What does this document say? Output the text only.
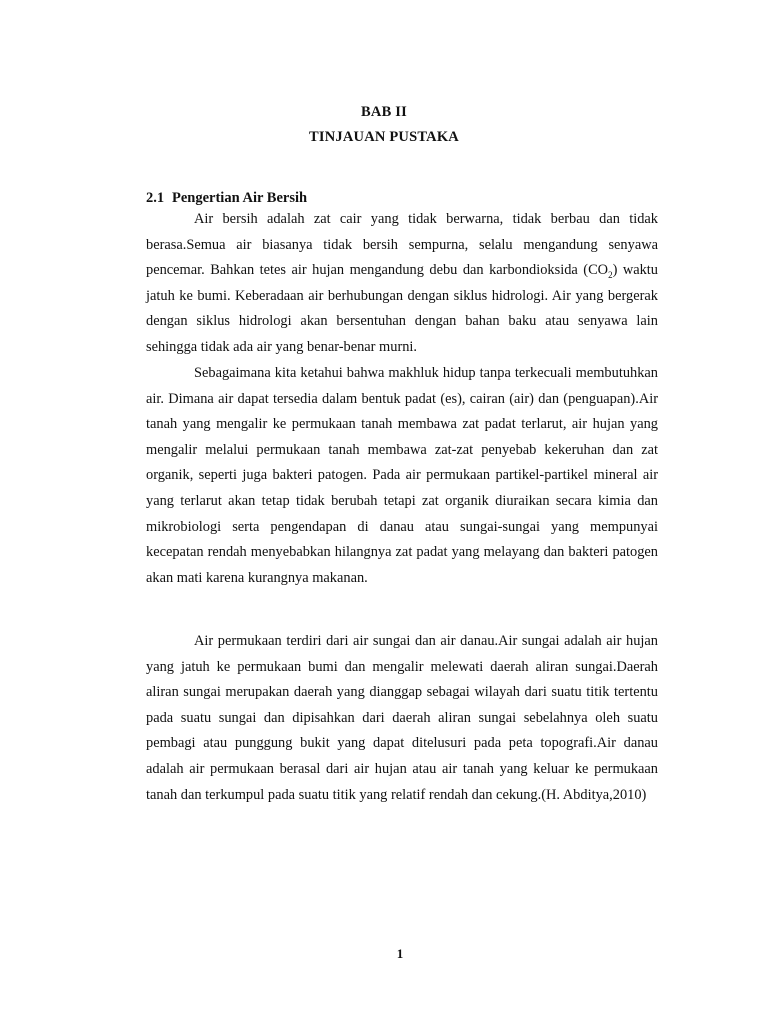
BAB II
TINJAUAN PUSTAKA
2.1 Pengertian Air Bersih

Air bersih adalah zat cair yang tidak berwarna, tidak berbau dan tidak berasa.Semua air biasanya tidak bersih sempurna, selalu mengandung senyawa pencemar. Bahkan tetes air hujan mengandung debu dan karbondioksida $(CO_2)$ waktu jatuh ke bumi. Keberadaan air berhubungan dengan siklus hidrologi. Air yang bergerak dengan siklus hidrologi akan bersentuhan dengan bahan baku atau senyawa lain sehingga tidak ada air yang benar-benar murni.

Sebagaimana kita ketahui bahwa makhluk hidup tanpa terkecuali membutuhkan air. Dimana air dapat tersedia dalam bentuk padat (es), cairan (air) dan (penguapan).Air tanah yang mengalir ke permukaan tanah membawa zat padat terlarut, air hujan yang mengalir melalui permukaan tanah membawa zat-zat penyebab kekeruhan dan zat organik, seperti juga bakteri patogen. Pada air permukaan partikel-partikel mineral air yang terlarut akan tetap tidak berubah tetapi zat organik diuraikan secara kimia dan mikrobiologi serta pengendapan di danau atau sungai-sungai yang mempunyai kecepatan rendah menyebabkan hilangnya zat padat yang melayang dan bakteri patogen akan mati karena kurangnya makanan.

Air permukaan terdiri dari air sungai dan air danau.Air sungai adalah air hujan yang jatuh ke permukaan bumi dan mengalir melewati daerah aliran sungai.Daerah aliran sungai merupakan daerah yang dianggap sebagai wilayah dari suatu titik tertentu pada suatu sungai dan dipisahkan dari daerah aliran sungai sebelahnya oleh suatu pembagi atau punggung bukit yang dapat ditelusuri pada peta topografi.Air danau adalah air permukaan berasal dari air hujan atau air tanah yang keluar ke permukaan tanah dan terkumpul pada suatu titik yang relatif rendah dan cekung.(H. Abditya,2010)

1
